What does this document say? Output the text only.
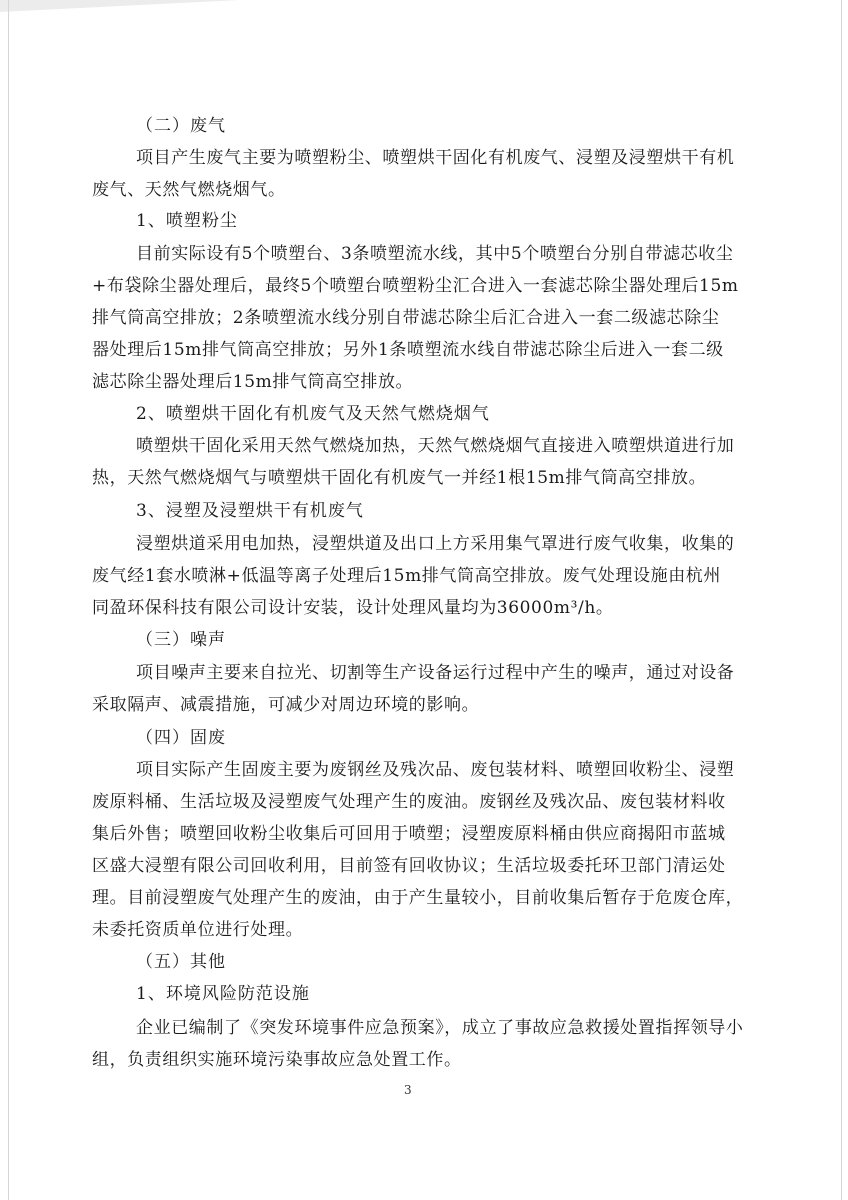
（二）废气
项目产生废气主要为喷塑粉尘、喷塑烘干固化有机废气、浸塑及浸塑烘干有机
废气、天然气燃烧烟气。
1、喷塑粉尘
目前实际设有5个喷塑台、3条喷塑流水线，其中5个喷塑台分别自带滤芯收尘
+布袋除尘器处理后，最终5个喷塑台喷塑粉尘汇合进入一套滤芯除尘器处理后15m
排气筒高空排放；2条喷塑流水线分别自带滤芯除尘后汇合进入一套二级滤芯除尘
器处理后15m排气筒高空排放；另外1条喷塑流水线自带滤芯除尘后进入一套二级
滤芯除尘器处理后15m排气筒高空排放。
2、喷塑烘干固化有机废气及天然气燃烧烟气
喷塑烘干固化采用天然气燃烧加热，天然气燃烧烟气直接进入喷塑烘道进行加
热，天然气燃烧烟气与喷塑烘干固化有机废气一并经1根15m排气筒高空排放。
3、浸塑及浸塑烘干有机废气
浸塑烘道采用电加热，浸塑烘道及出口上方采用集气罩进行废气收集，收集的
废气经1套水喷淋+低温等离子处理后15m排气筒高空排放。废气处理设施由杭州
同盈环保科技有限公司设计安装，设计处理风量均为36000m³/h。
（三）噪声
项目噪声主要来自拉光、切割等生产设备运行过程中产生的噪声，通过对设备
采取隔声、减震措施，可减少对周边环境的影响。
（四）固废
项目实际产生固废主要为废钢丝及残次品、废包装材料、喷塑回收粉尘、浸塑
废原料桶、生活垃圾及浸塑废气处理产生的废油。废钢丝及残次品、废包装材料收
集后外售；喷塑回收粉尘收集后可回用于喷塑；浸塑废原料桶由供应商揭阳市蓝城
区盛大浸塑有限公司回收利用，目前签有回收协议；生活垃圾委托环卫部门清运处
理。目前浸塑废气处理产生的废油，由于产生量较小，目前收集后暂存于危废仓库，
未委托资质单位进行处理。
（五）其他
1、环境风险防范设施
企业已编制了《突发环境事件应急预案》，成立了事故应急救援处置指挥领导小
组，负责组织实施环境污染事故应急处置工作。
3
